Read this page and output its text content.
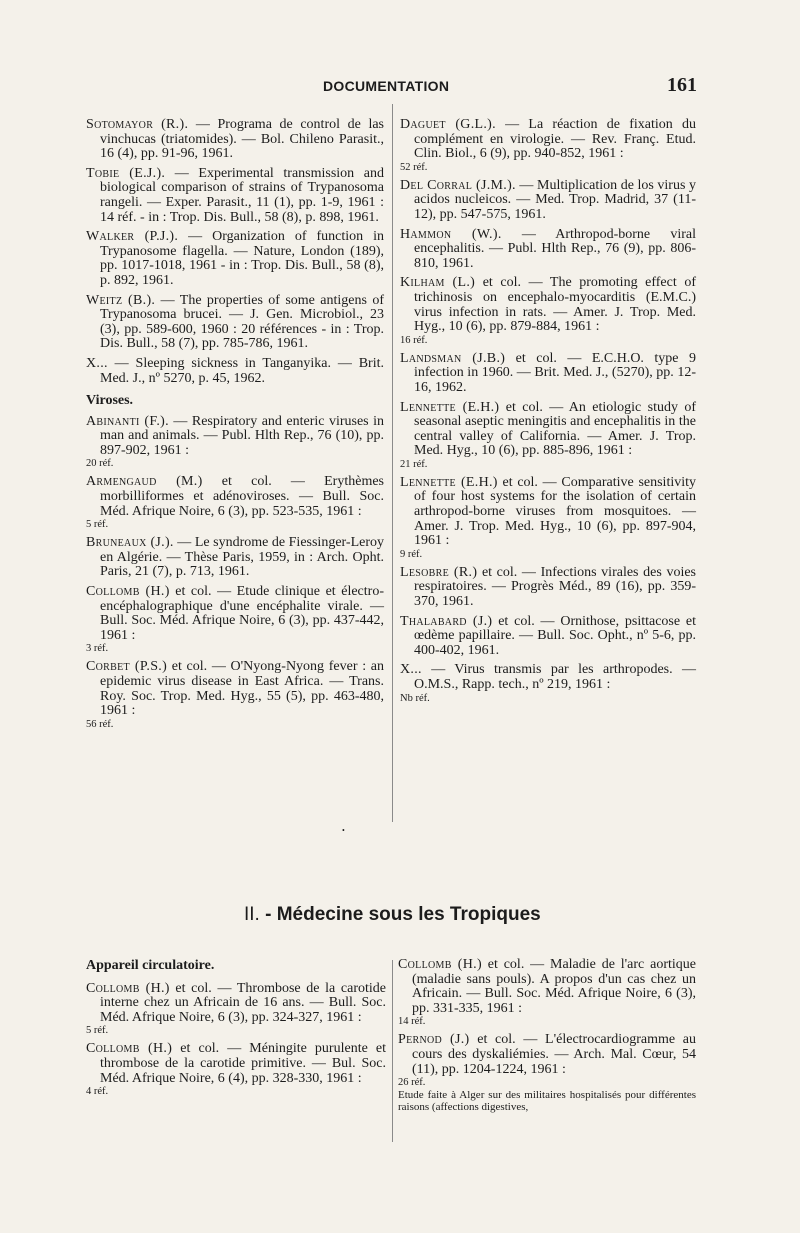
DOCUMENTATION	161
Sotomayor (R.). — Programa de control de las vinchucas (triatomides). — Bol. Chileno Parasit., 16 (4), pp. 91-96, 1961.
Tobie (E.J.). — Experimental transmission and biological comparison of strains of Trypanosoma rangeli. — Exper. Parasit., 11 (1), pp. 1-9, 1961 : 14 réf. - in : Trop. Dis. Bull., 58 (8), p. 898, 1961.
Walker (P.J.). — Organization of function in Trypanosome flagella. — Nature, London (189), pp. 1017-1018, 1961 - in : Trop. Dis. Bull., 58 (8), p. 892, 1961.
Weitz (B.). — The properties of some antigens of Trypanosoma brucei. — J. Gen. Microbiol., 23 (3), pp. 589-600, 1960 : 20 références - in : Trop. Dis. Bull., 58 (7), pp. 785-786, 1961.
X... — Sleeping sickness in Tanganyika. — Brit. Med. J., nº 5270, p. 45, 1962.
Viroses.
Abinanti (F.). — Respiratory and enteric viruses in man and animals. — Publ. Hlth Rep., 76 (10), pp. 897-902, 1961 :
20 réf.
Armengaud (M.) et col. — Erythèmes morbilliformes et adénoviroses. — Bull. Soc. Méd. Afrique Noire, 6 (3), pp. 523-535, 1961 :
5 réf.
Bruneaux (J.). — Le syndrome de Fiessinger-Leroy en Algérie. — Thèse Paris, 1959, in : Arch. Opht. Paris, 21 (7), p. 713, 1961.
Collomb (H.) et col. — Etude clinique et électro-encéphalographique d'une encéphalite virale. — Bull. Soc. Méd. Afrique Noire, 6 (3), pp. 437-442, 1961 :
3 réf.
Corbet (P.S.) et col. — O'Nyong-Nyong fever : an epidemic virus disease in East Africa. — Trans. Roy. Soc. Trop. Med. Hyg., 55 (5), pp. 463-480, 1961 :
56 réf.
Daguet (G.L.). — La réaction de fixation du complément en virologie. — Rev. Franç. Etud. Clin. Biol., 6 (9), pp. 940-852, 1961 :
52 réf.
Del Corral (J.M.). — Multiplication de los virus y acidos nucleicos. — Med. Trop. Madrid, 37 (11-12), pp. 547-575, 1961.
Hammon (W.). — Arthropod-borne viral encephalitis. — Publ. Hlth Rep., 76 (9), pp. 806-810, 1961.
Kilham (L.) et col. — The promoting effect of trichinosis on encephalo-myocarditis (E.M.C.) virus infection in rats. — Amer. J. Trop. Med. Hyg., 10 (6), pp. 879-884, 1961 :
16 réf.
Landsman (J.B.) et col. — E.C.H.O. type 9 infection in 1960. — Brit. Med. J., (5270), pp. 12-16, 1962.
Lennette (E.H.) et col. — An etiologic study of seasonal aseptic meningitis and encephalitis in the central valley of California. — Amer. J. Trop. Med. Hyg., 10 (6), pp. 885-896, 1961 :
21 réf.
Lennette (E.H.) et col. — Comparative sensitivity of four host systems for the isolation of certain arthropod-borne viruses from mosquitoes. — Amer. J. Trop. Med. Hyg., 10 (6), pp. 897-904, 1961 :
9 réf.
Lesobre (R.) et col. — Infections virales des voies respiratoires. — Progrès Méd., 89 (16), pp. 359-370, 1961.
Thalabard (J.) et col. — Ornithose, psittacose et œdème papillaire. — Bull. Soc. Opht., nº 5-6, pp. 400-402, 1961.
X... — Virus transmis par les arthropodes. — O.M.S., Rapp. tech., nº 219, 1961 :
Nb réf.
•
II. - Médecine sous les Tropiques
Appareil circulatoire.
Collomb (H.) et col. — Thrombose de la carotide interne chez un Africain de 16 ans. — Bull. Soc. Méd. Afrique Noire, 6 (3), pp. 324-327, 1961 :
5 réf.
Collomb (H.) et col. — Méningite purulente et thrombose de la carotide primitive. — Bul. Soc. Méd. Afrique Noire, 6 (4), pp. 328-330, 1961 :
4 réf.
Collomb (H.) et col. — Maladie de l'arc aortique (maladie sans pouls). A propos d'un cas chez un Africain. — Bull. Soc. Méd. Afrique Noire, 6 (3), pp. 331-335, 1961 :
14 réf.
Pernod (J.) et col. — L'électrocardiogramme au cours des dyskaliémies. — Arch. Mal. Cœur, 54 (11), pp. 1204-1224, 1961 :
26 réf.
Etude faite à Alger sur des militaires hospitalisés pour différentes raisons (affections digestives,
